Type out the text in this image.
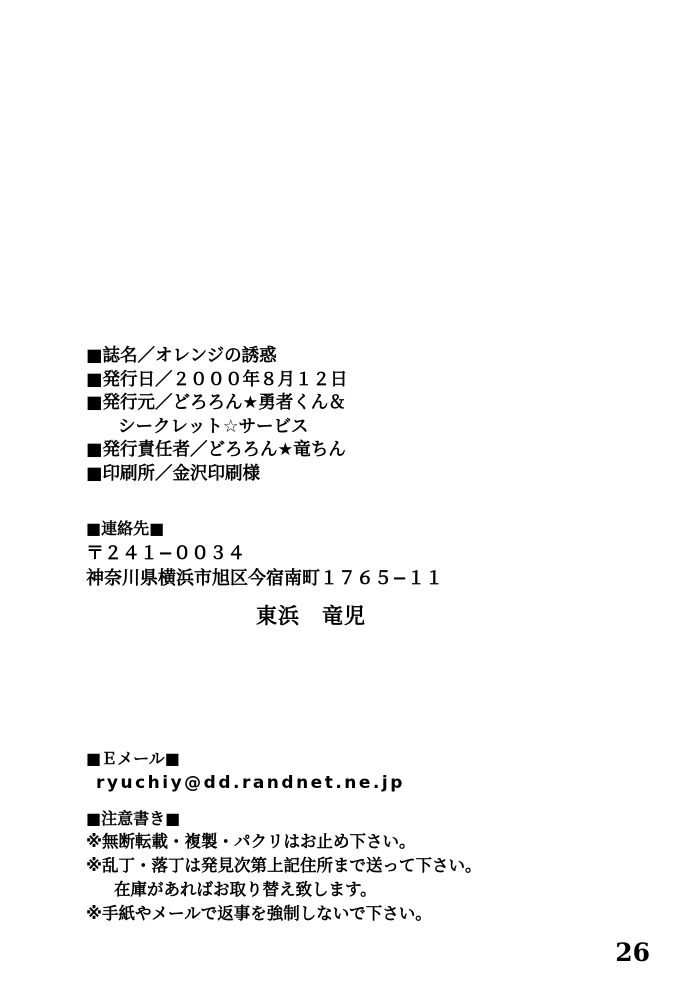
■誌名／オレンジの誘惑
■発行日／２０００年８月１２日
■発行元／どろろん★勇者くん＆
シークレット☆サービス
■発行責任者／どろろん★竜ちん
■印刷所／金沢印刷様
■連絡先■
〒２４１−００３４
神奈川県横浜市旭区今宿南町１７６５−１１
東浜　竜児
■Ｅメール■
ryuchiy@dd.randnet.ne.jp
■注意書き■
※無断転載・複製・パクリはお止め下さい。
※乱丁・落丁は発見次第上記住所まで送って下さい。
在庫があればお取り替え致します。
※手紙やメールで返事を強制しないで下さい。
26
